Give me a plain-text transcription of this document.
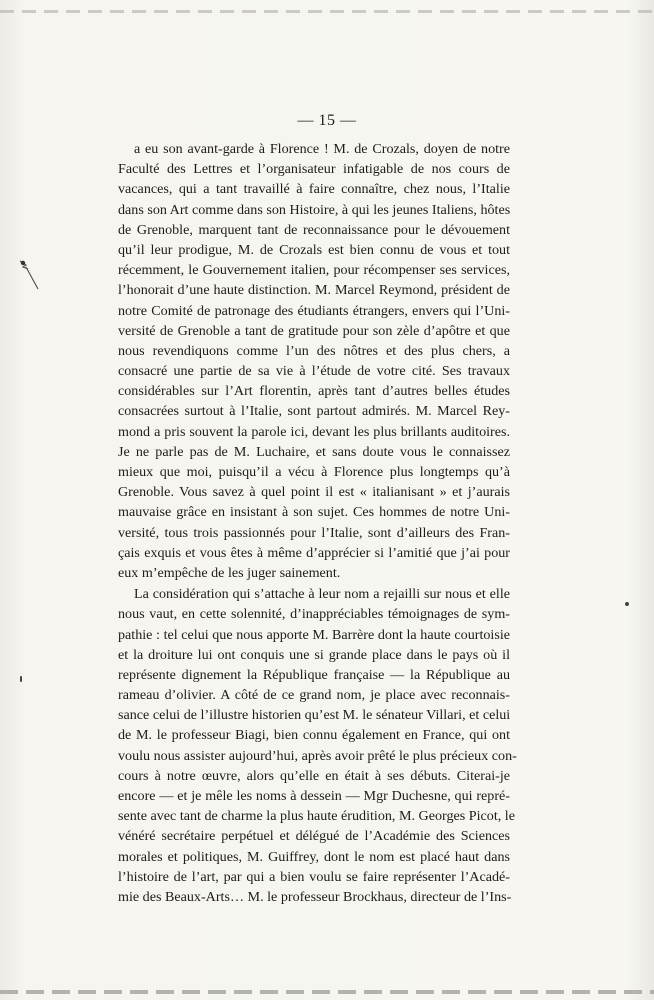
— 15 —
a eu son avant-garde à Florence ! M. de Crozals, doyen de notre
Faculté des Lettres et l’organisateur infatigable de nos cours de
vacances, qui a tant travaillé à faire connaître, chez nous, l’Italie
dans son Art comme dans son Histoire, à qui les jeunes Italiens, hôtes
de Grenoble, marquent tant de reconnaissance pour le dévouement
qu’il leur prodigue, M. de Crozals est bien connu de vous et tout
récemment, le Gouvernement italien, pour récompenser ses services,
l’honorait d’une haute distinction. M. Marcel Reymond, président de
notre Comité de patronage des étudiants étrangers, envers qui l’Uni-
versité de Grenoble a tant de gratitude pour son zèle d’apôtre et que
nous revendiquons comme l’un des nôtres et des plus chers, a
consacré une partie de sa vie à l’étude de votre cité. Ses travaux
considérables sur l’Art florentin, après tant d’autres belles études
consacrées surtout à l’Italie, sont partout admirés. M. Marcel Rey-
mond a pris souvent la parole ici, devant les plus brillants auditoires.
Je ne parle pas de M. Luchaire, et sans doute vous le connaissez
mieux que moi, puisqu’il a vécu à Florence plus longtemps qu’à
Grenoble. Vous savez à quel point il est « italianisant » et j’aurais
mauvaise grâce en insistant à son sujet. Ces hommes de notre Uni-
versité, tous trois passionnés pour l’Italie, sont d’ailleurs des Fran-
çais exquis et vous êtes à même d’apprécier si l’amitié que j’ai pour
eux m’empêche de les juger sainement.
La considération qui s’attache à leur nom a rejailli sur nous et elle
nous vaut, en cette solennité, d’inappréciables témoignages de sym-
pathie : tel celui que nous apporte M. Barrère dont la haute courtoisie
et la droiture lui ont conquis une si grande place dans le pays où il
représente dignement la République française — la République au
rameau d’olivier. A côté de ce grand nom, je place avec reconnais-
sance celui de l’illustre historien qu’est M. le sénateur Villari, et celui
de M. le professeur Biagi, bien connu également en France, qui ont
voulu nous assister aujourd’hui, après avoir prêté le plus précieux con-
cours à notre œuvre, alors qu’elle en était à ses débuts. Citerai-je
encore — et je mêle les noms à dessein — Mgr Duchesne, qui repré-
sente avec tant de charme la plus haute érudition, M. Georges Picot, le
vénéré secrétaire perpétuel et délégué de l’Académie des Sciences
morales et politiques, M. Guiffrey, dont le nom est placé haut dans
l’histoire de l’art, par qui a bien voulu se faire représenter l’Acadé-
mie des Beaux-Arts… M. le professeur Brockhaus, directeur de l’Ins-
